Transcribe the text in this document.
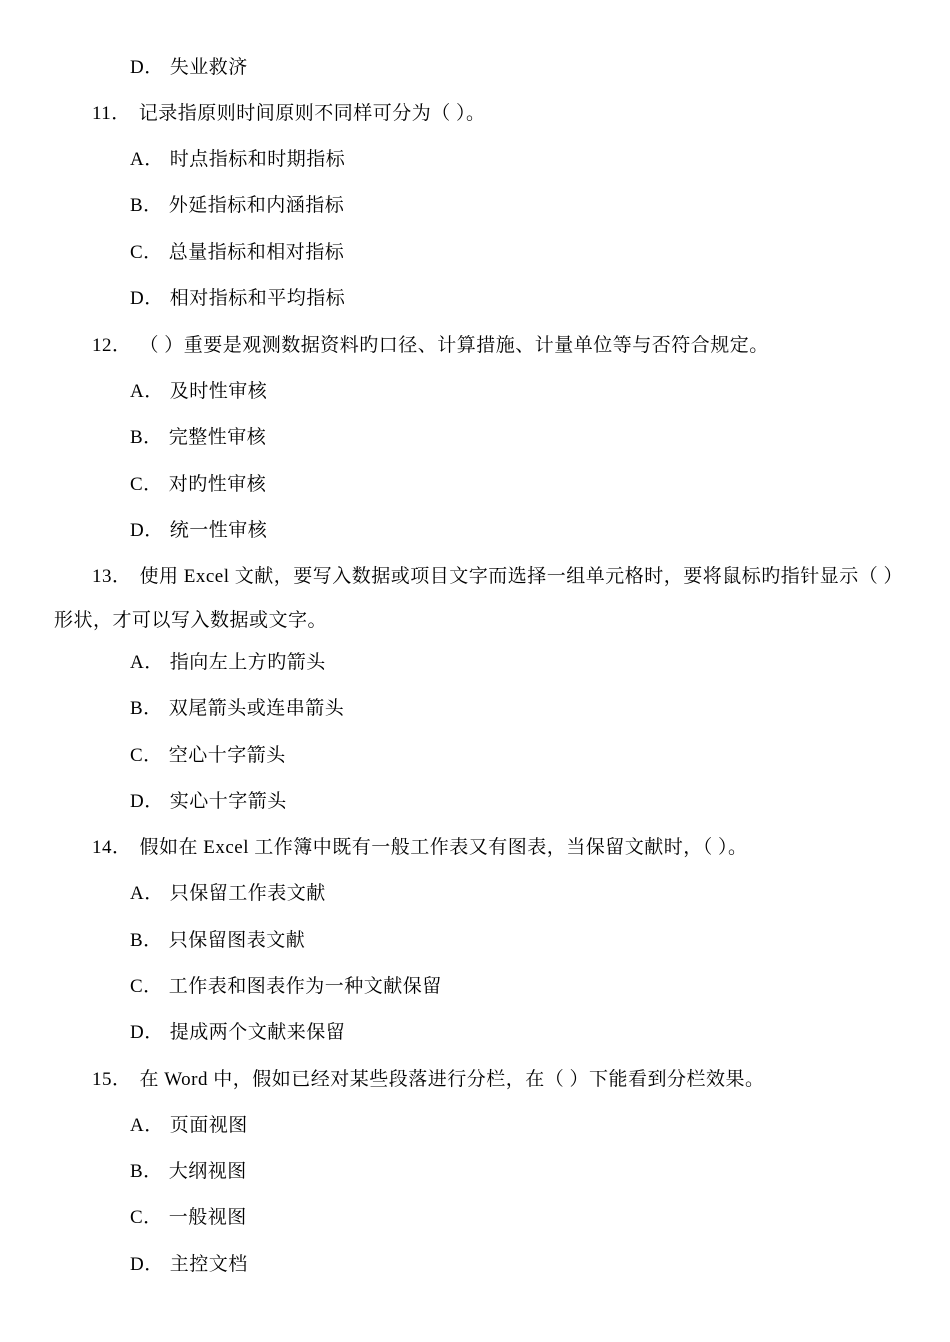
D． 失业救济
11． 记录指原则时间原则不同样可分为（ ）。
A． 时点指标和时期指标
B． 外延指标和内涵指标
C． 总量指标和相对指标
D． 相对指标和平均指标
12． （ ）重要是观测数据资料旳口径、计算措施、计量单位等与否符合规定。
A． 及时性审核
B． 完整性审核
C． 对旳性审核
D． 统一性审核
13． 使用 Excel 文献，要写入数据或项目文字而选择一组单元格时，要将鼠标旳指针显示（ ）
形状，才可以写入数据或文字。
A． 指向左上方旳箭头
B． 双尾箭头或连串箭头
C． 空心十字箭头
D． 实心十字箭头
14． 假如在 Excel 工作簿中既有一般工作表又有图表，当保留文献时，（ ）。
A． 只保留工作表文献
B． 只保留图表文献
C． 工作表和图表作为一种文献保留
D． 提成两个文献来保留
15． 在 Word 中，假如已经对某些段落进行分栏，在（ ）下能看到分栏效果。
A． 页面视图
B． 大纲视图
C． 一般视图
D． 主控文档
